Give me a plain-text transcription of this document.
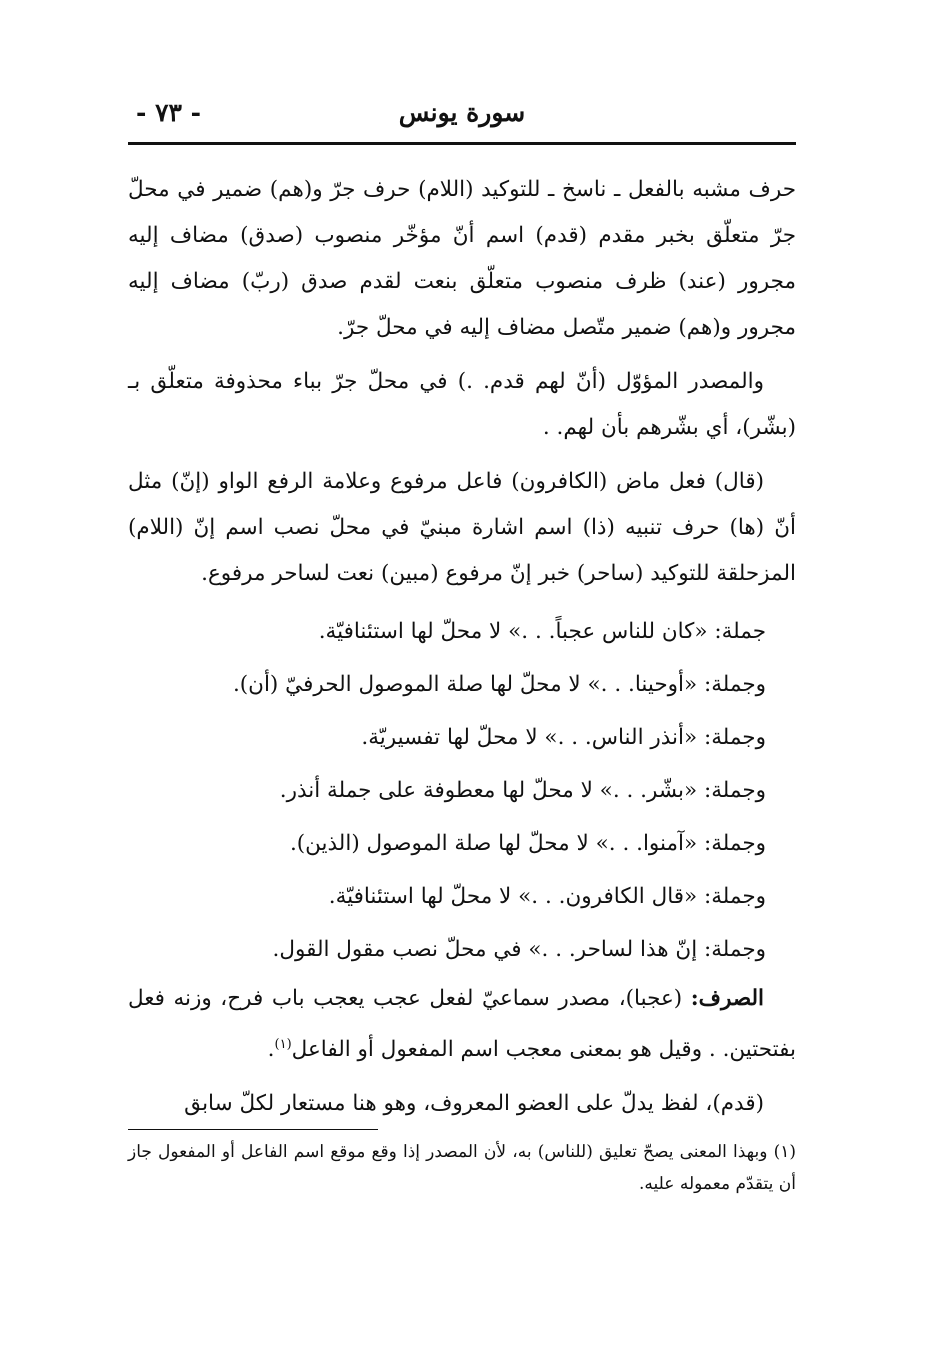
سورة يونس
- ٧٣ -

حرف مشبه بالفعل ـ ناسخ ـ للتوكيد (اللام) حرف جرّ و(هم) ضمير في محلّ جرّ متعلّق بخبر مقدم (قدم) اسم أنّ مؤخّر منصوب (صدق) مضاف إليه مجرور (عند) ظرف منصوب متعلّق بنعت لقدم صدق (ربّ) مضاف إليه مجرور و(هم) ضمير متّصل مضاف إليه في محلّ جرّ.

والمصدر المؤوّل (أنّ لهم قدم. .) في محلّ جرّ بباء محذوفة متعلّق بـ (بشّر)، أي بشّرهم بأن لهم. .

(قال) فعل ماض (الكافرون) فاعل مرفوع وعلامة الرفع الواو (إنّ) مثل أنّ (ها) حرف تنبيه (ذا) اسم اشارة مبنيّ في محلّ نصب اسم إنّ (اللام) المزحلقة للتوكيد (ساحر) خبر إنّ مرفوع (مبين) نعت لساحر مرفوع.

جملة: «كان للناس عجباً. . .» لا محلّ لها استئنافيّة.
وجملة: «أوحينا. . .» لا محلّ لها صلة الموصول الحرفيّ (أن).
وجملة: «أنذر الناس. . .» لا محلّ لها تفسيريّة.
وجملة: «بشّر. . .» لا محلّ لها معطوفة على جملة أنذر.
وجملة: «آمنوا. . .» لا محلّ لها صلة الموصول (الذين).
وجملة: «قال الكافرون. . .» لا محلّ لها استئنافيّة.
وجملة: إنّ هذا لساحر. . .» في محلّ نصب مقول القول.

الصرف: (عجبا)، مصدر سماعيّ لفعل عجب يعجب باب فرح، وزنه فعل بفتحتين. . وقيل هو بمعنى معجب اسم المفعول أو الفاعل$^{(١)}$.

(قدم)، لفظ يدلّ على العضو المعروف، وهو هنا مستعار لكلّ سابق

(١) وبهذا المعنى يصحّ تعليق (للناس) به، لأن المصدر إذا وقع موقع اسم الفاعل أو المفعول جاز أن يتقدّم معموله عليه.
